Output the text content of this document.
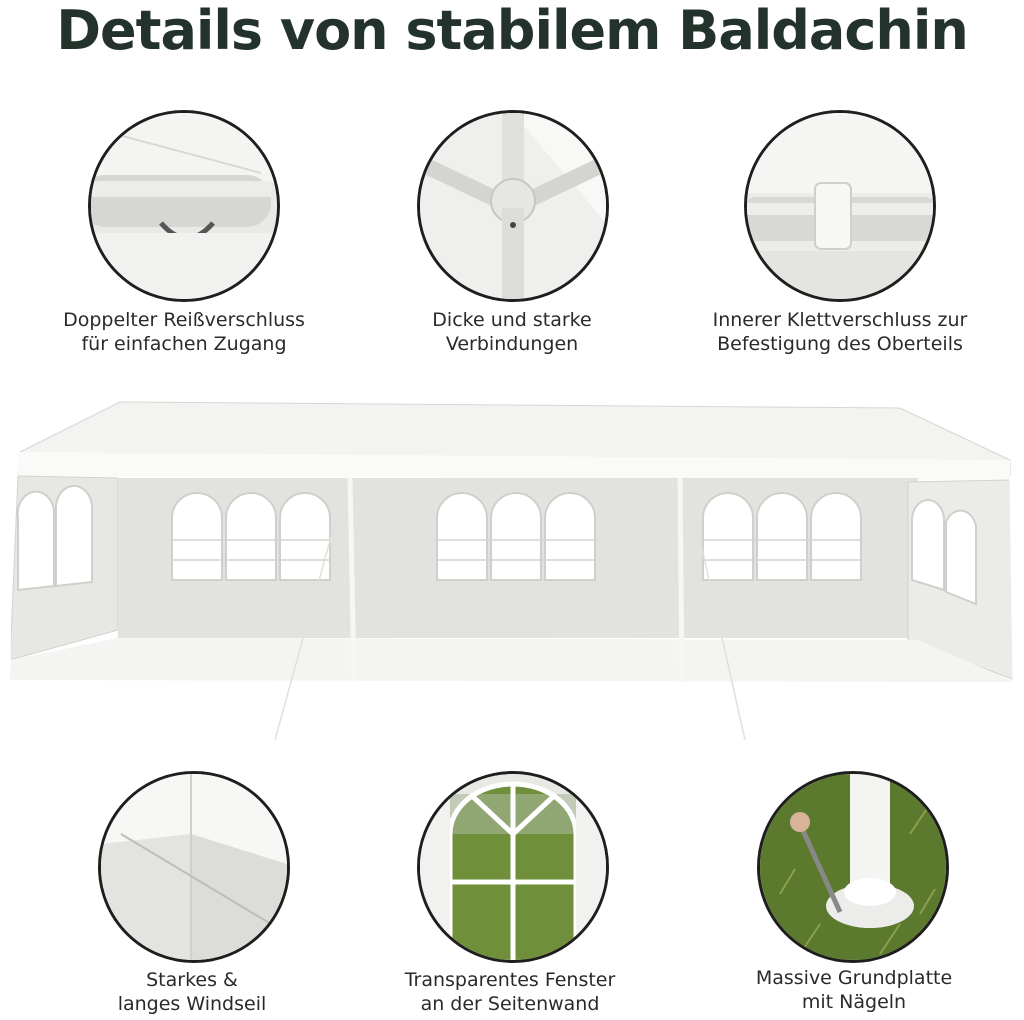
Details von stabilem Baldachin
Doppelter Reißverschluss
für einfachen Zugang
Dicke und starke
Verbindungen
Innerer Klettverschluss zur
Befestigung des Oberteils
Starkes &
langes Windseil
Transparentes Fenster
an der Seitenwand
Massive Grundplatte
mit Nägeln
